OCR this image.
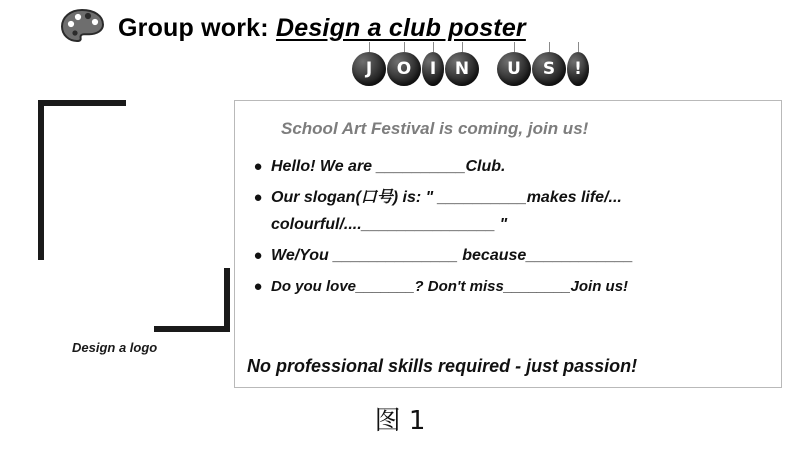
Group work: Design a club poster
J	O	I	N	U	S	!
Design a logo
School Art Festival is coming, join us!
● Hello! We are __________Club.
● Our slogan(口号) is: " __________makes life/...
colourful/...._______________ "
● We/You ______________ because____________
● Do you love_______? Don't miss________Join us!
No professional skills required - just passion!
图 1
